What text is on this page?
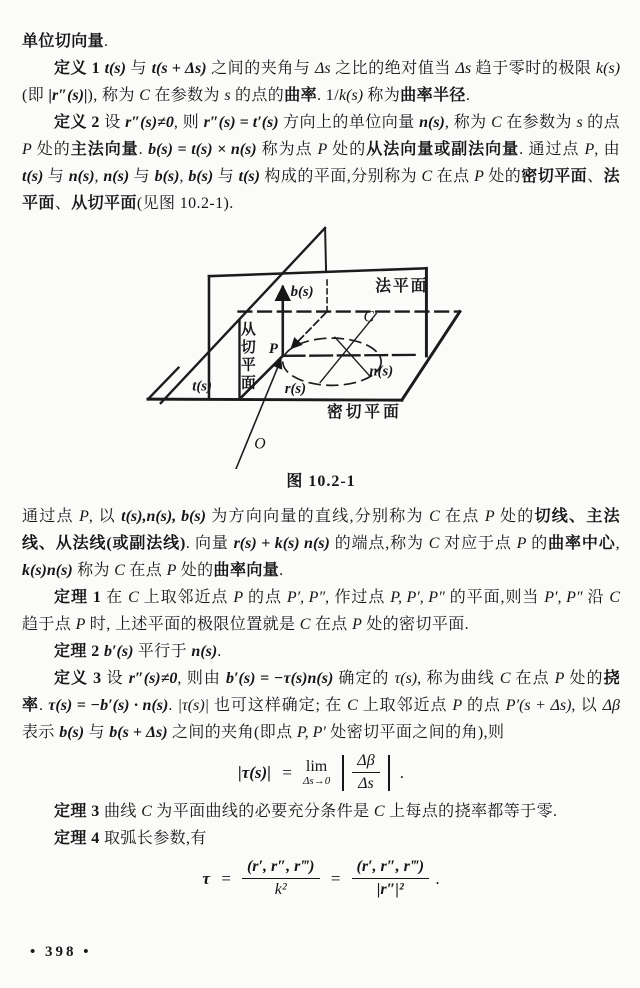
单位切向量.
定义 1 t(s) 与 t(s + Δs) 之间的夹角与 Δs 之比的绝对值当 Δs 趋于零时的极限 k(s)(即 |r″(s)|), 称为 C 在参数为 s 的点的曲率. 1/k(s) 称为曲率半径.
定义 2 设 r″(s)≠0, 则 r″(s) = t′(s) 方向上的单位向量 n(s), 称为 C 在参数为 s 的点 P 处的主法向量. b(s) = t(s) × n(s) 称为点 P 处的从法向量或副法向量. 通过点 P, 由 t(s) 与 n(s), n(s) 与 b(s), b(s) 与 t(s) 构成的平面,分别称为 C 在点 P 处的密切平面、法平面、从切平面(见图 10.2-1).
b(s)	法平面
从
切
平
面
P
C
n(s)
t(s)	r(s)
密切平面
O
图 10.2-1
通过点 P, 以 t(s),n(s), b(s) 为方向向量的直线,分别称为 C 在点 P 处的切线、主法线、从法线(或副法线). 向量 r(s) + k(s) n(s) 的端点,称为 C 对应于点 P 的曲率中心, k(s)n(s) 称为 C 在点 P 处的曲率向量.
定理 1 在 C 上取邻近点 P 的点 P′, P″, 作过点 P, P′, P″ 的平面,则当 P′, P″ 沿 C 趋于点 P 时, 上述平面的极限位置就是 C 在点 P 处的密切平面.
定理 2 b′(s) 平行于 n(s).
定义 3 设 r″(s)≠0, 则由 b′(s) = −τ(s)n(s) 确定的 τ(s), 称为曲线 C 在点 P 处的挠率. τ(s) = −b′(s) · n(s). |τ(s)| 也可这样确定; 在 C 上取邻近点 P 的点 P′(s + Δs), 以 Δβ 表示 b(s) 与 b(s + Δs) 之间的夹角(即点 P, P′ 处密切平面之间的角),则
|τ(s)| = lim
Δs→0
$\frac{\Delta\beta}{\Delta s}$ .
定理 3 曲线 C 为平面曲线的必要充分条件是 C 上每点的挠率都等于零.
定理 4 取弧长参数,有
$\tau = \frac{(r', r'', r‴)}{\text{k²}} = \frac{(r', r'', r‴)}{\text{|r″|²}}$ .
• 398 •
